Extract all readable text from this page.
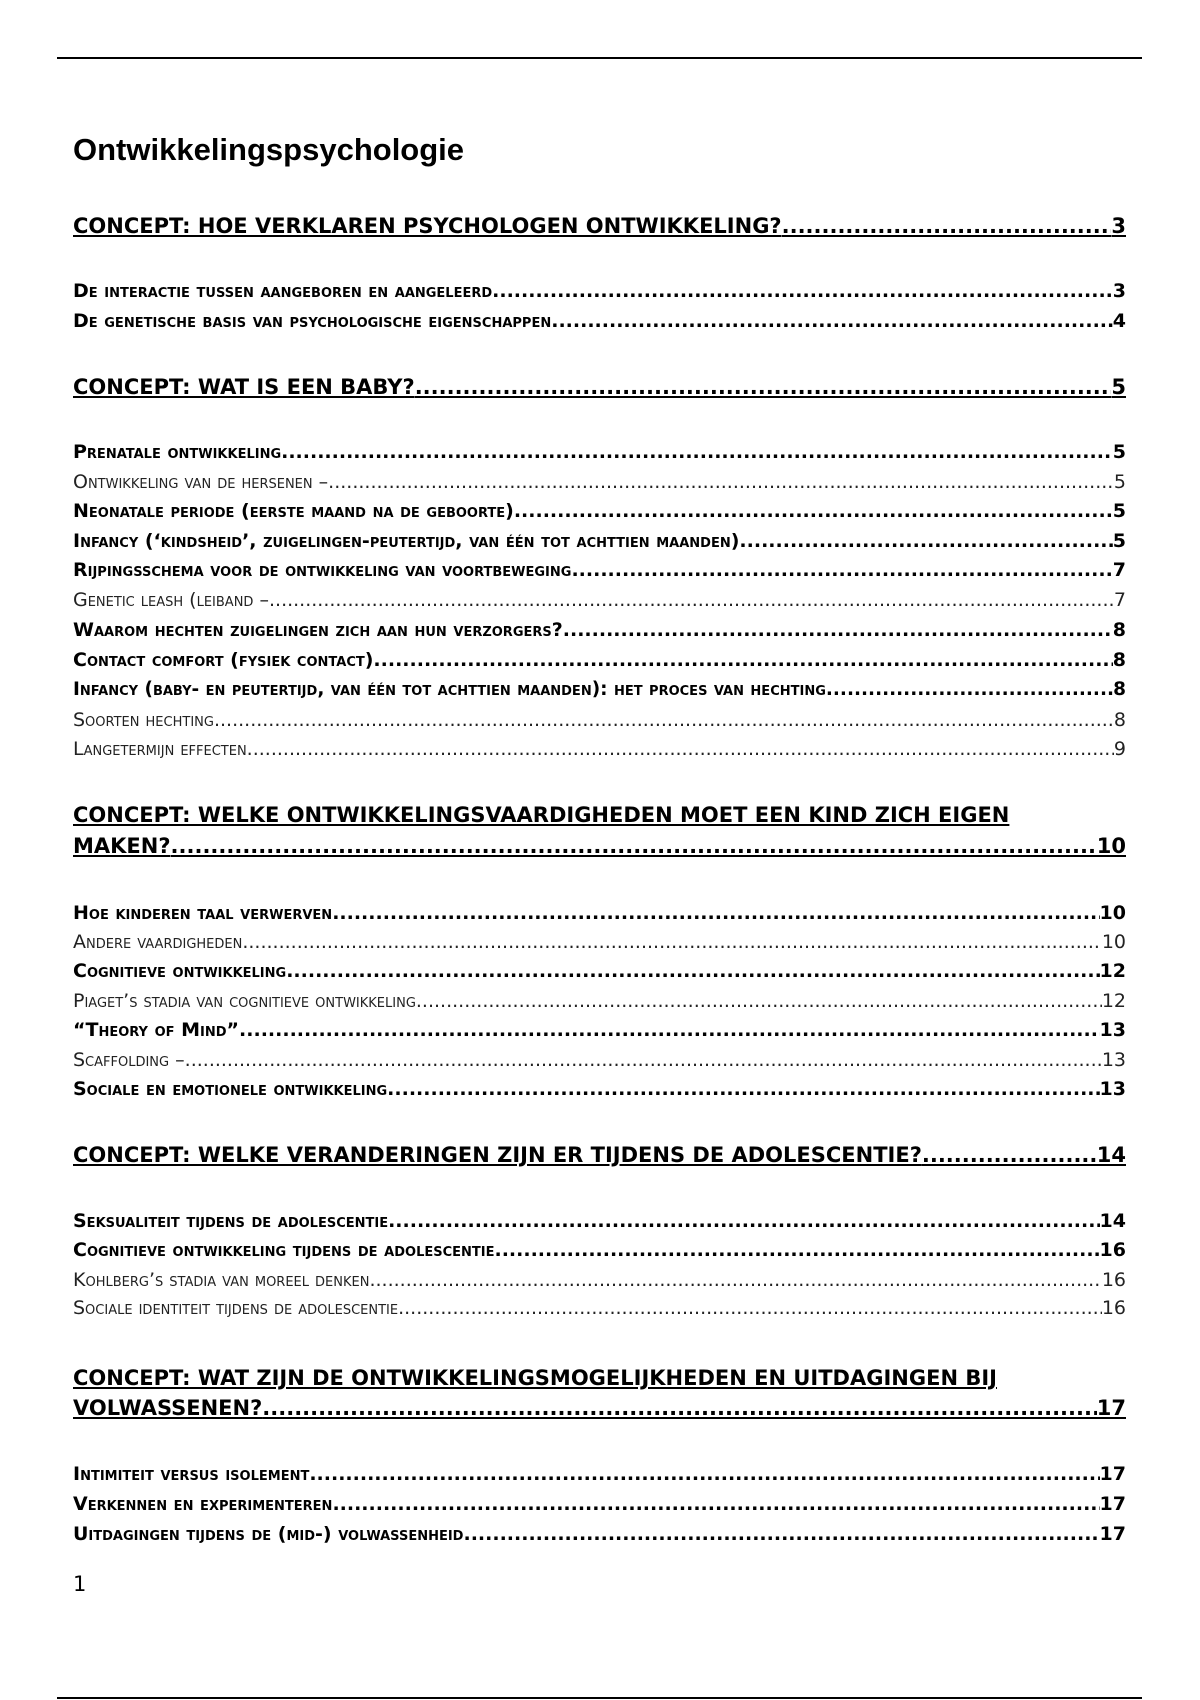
Ontwikkelingspsychologie
CONCEPT: HOE VERKLAREN PSYCHOLOGEN ONTWIKKELING? .....	3
De interactie tussen aangeboren en aangeleerd .....	3
De genetische basis van psychologische eigenschappen .....	4
CONCEPT: WAT IS EEN BABY? .....	5
Prenatale ontwikkeling .....	5
Ontwikkeling van de hersenen – .....	5
Neonatale periode (eerste maand na de geboorte) .....	5
Infancy (‘kindsheid’, zuigelingen-peutertijd, van één tot achttien maanden) .....	5
Rijpingsschema voor de ontwikkeling van voortbeweging .....	7
Genetic leash (leiband – .....	7
Waarom hechten zuigelingen zich aan hun verzorgers? .....	8
Contact comfort (fysiek contact) .....	8
Infancy (baby- en peutertijd, van één tot achttien maanden): het proces van hechting .....	8
Soorten hechting .....	8
Langetermijn effecten .....	9
CONCEPT: WELKE ONTWIKKELINGSVAARDIGHEDEN MOET EEN KIND ZICH EIGEN
MAKEN? .....	10
Hoe kinderen taal verwerven .....	10
Andere vaardigheden .....	10
Cognitieve ontwikkeling .....	12
Piaget’s stadia van cognitieve ontwikkeling .....	12
“Theory of Mind” .....	13
Scaffolding – .....	13
Sociale en emotionele ontwikkeling .....	13
CONCEPT: WELKE VERANDERINGEN ZIJN ER TIJDENS DE ADOLESCENTIE? .....	14
Seksualiteit tijdens de adolescentie .....	14
Cognitieve ontwikkeling tijdens de adolescentie .....	16
Kohlberg’s stadia van moreel denken .....	16
Sociale identiteit tijdens de adolescentie .....	16
CONCEPT: WAT ZIJN DE ONTWIKKELINGSMOGELIJKHEDEN EN UITDAGINGEN BIJ
VOLWASSENEN? .....	17
Intimiteit versus isolement .....	17
Verkennen en experimenteren .....	17
Uitdagingen tijdens de (mid-) volwassenheid .....	17
1
